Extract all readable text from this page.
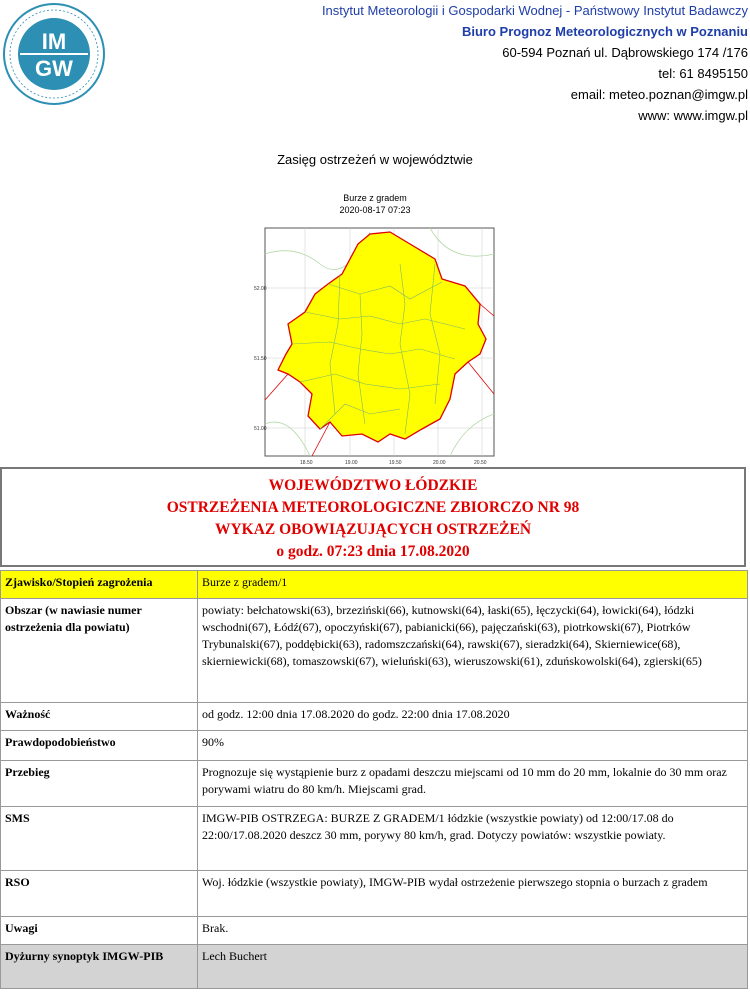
IM
GW
Instytut Meteorologii i Gospodarki Wodnej - Państwowy Instytut Badawczy
Biuro Prognoz Meteorologicznych w Poznaniu
60-594 Poznań ul. Dąbrowskiego 174 /176
tel: 61 8495150
email: meteo.poznan@imgw.pl
www: www.imgw.pl
Zasięg ostrzeżeń w województwie
Burze z gradem
2020-08-17 07:23
52.00
51.50
51.00
18.50	19.00	19.50	20.00	20.50
WOJEWÓDZTWO ŁÓDZKIE
OSTRZEŻENIA METEOROLOGICZNE ZBIORCZO NR 98
WYKAZ OBOWIĄZUJĄCYCH OSTRZEŻEŃ
o godz. 07:23 dnia 17.08.2020
Zjawisko/Stopień zagrożenia	Burze z gradem/1
Obszar (w nawiasie numer ostrzeżenia dla powiatu)	powiaty: bełchatowski(63), brzeziński(66), kutnowski(64), łaski(65), łęczycki(64), łowicki(64), łódzki wschodni(67), Łódź(67), opoczyński(67), pabianicki(66), pajęczański(63), piotrkowski(67), Piotrków Trybunalski(67), poddębicki(63), radomszczański(64), rawski(67), sieradzki(64), Skierniewice(68), skierniewicki(68), tomaszowski(67), wieluński(63), wieruszowski(61), zduńskowolski(64), zgierski(65)
Ważność	od godz. 12:00 dnia 17.08.2020 do godz. 22:00 dnia 17.08.2020
Prawdopodobieństwo	90%
Przebieg	Prognozuje się wystąpienie burz z opadami deszczu miejscami od 10 mm do 20 mm, lokalnie do 30 mm oraz porywami wiatru do 80 km/h. Miejscami grad.
SMS	IMGW-PIB OSTRZEGA: BURZE Z GRADEM/1 łódzkie (wszystkie powiaty) od 12:00/17.08 do 22:00/17.08.2020 deszcz 30 mm, porywy 80 km/h, grad. Dotyczy powiatów: wszystkie powiaty.
RSO	Woj. łódzkie (wszystkie powiaty), IMGW-PIB wydał ostrzeżenie pierwszego stopnia o burzach z gradem
Uwagi	Brak.
Dyżurny synoptyk IMGW-PIB	Lech Buchert
